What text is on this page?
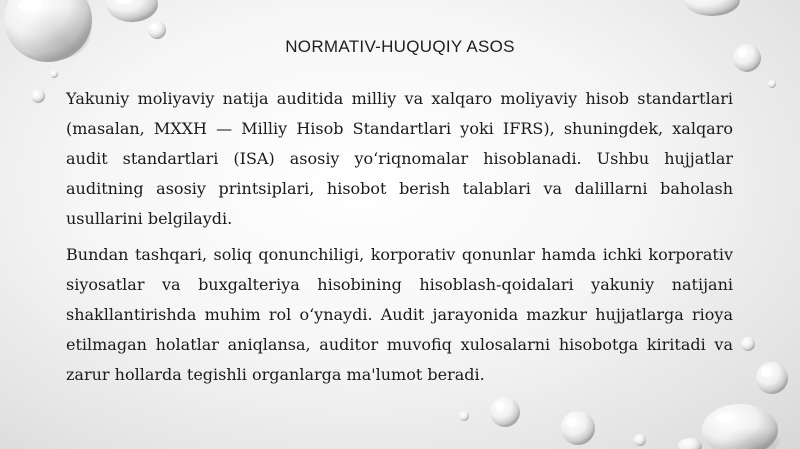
NORMATIV-HUQUQIY ASOS

Yakuniy moliyaviy natija auditida milliy va xalqaro moliyaviy hisob standartlari (masalan, MXXH — Milliy Hisob Standartlari yoki IFRS), shuningdek, xalqaro audit standartlari (ISA) asosiy yo‘riqnomalar hisoblanadi. Ushbu hujjatlar auditning asosiy printsiplari, hisobot berish talablari va dalillarni baholash usullarini belgilaydi.

Bundan tashqari, soliq qonunchiligi, korporativ qonunlar hamda ichki korporativ siyosatlar va buxgalteriya hisobining hisoblash-qoidalari yakuniy natijani shakllantirishda muhim rol o‘ynaydi. Audit jarayonida mazkur hujjatlarga rioya etilmagan holatlar aniqlansa, auditor muvofiq xulosalarni hisobotga kiritadi va zarur hollarda tegishli organlarga ma'lumot beradi.
